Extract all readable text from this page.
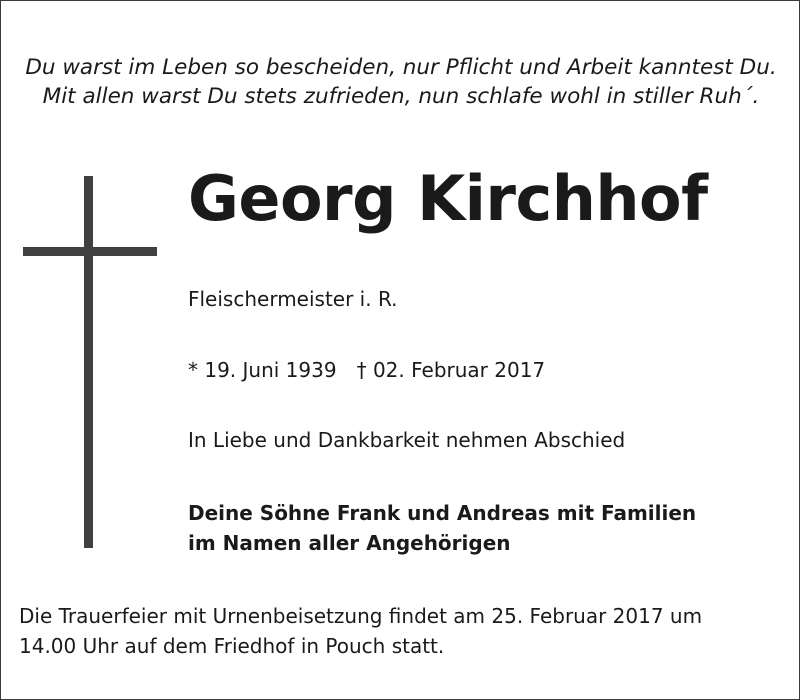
Du warst im Leben so bescheiden, nur Pflicht und Arbeit kanntest Du.
Mit allen warst Du stets zufrieden, nun schlafe wohl in stiller Ruh´.
Georg Kirchhof
Fleischermeister i. R.
* 19. Juni 1939 † 02. Februar 2017
In Liebe und Dankbarkeit nehmen Abschied
Deine Söhne Frank und Andreas mit Familien
im Namen aller Angehörigen
Die Trauerfeier mit Urnenbeisetzung findet am 25. Februar 2017 um
14.00 Uhr auf dem Friedhof in Pouch statt.
